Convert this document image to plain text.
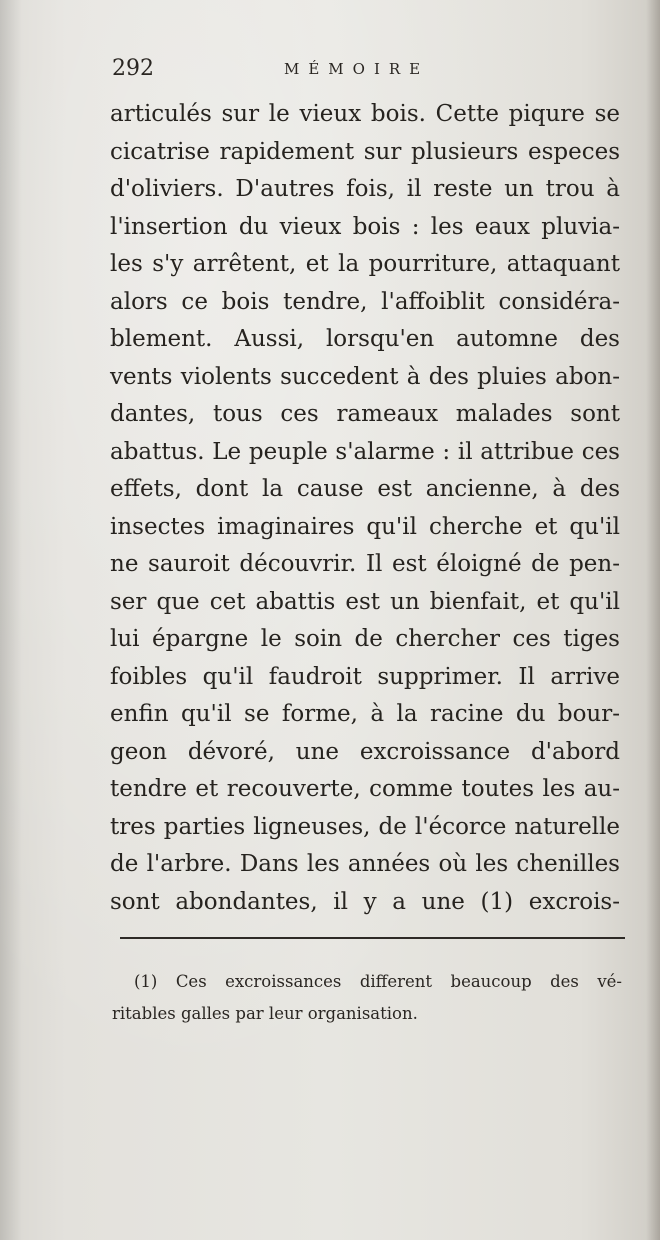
292	MÉMOIRE
articulés sur le vieux bois. Cette piqure se
cicatrise rapidement sur plusieurs especes
d'oliviers. D'autres fois, il reste un trou à
l'insertion du vieux bois : les eaux pluvia-
les s'y arrêtent, et la pourriture, attaquant
alors ce bois tendre, l'affoiblit considéra-
blement. Aussi, lorsqu'en automne des
vents violents succedent à des pluies abon-
dantes, tous ces rameaux malades sont
abattus. Le peuple s'alarme : il attribue ces
effets, dont la cause est ancienne, à des
insectes imaginaires qu'il cherche et qu'il
ne sauroit découvrir. Il est éloigné de pen-
ser que cet abattis est un bienfait, et qu'il
lui épargne le soin de chercher ces tiges
foibles qu'il faudroit supprimer. Il arrive
enfin qu'il se forme, à la racine du bour-
geon dévoré, une excroissance d'abord
tendre et recouverte, comme toutes les au-
tres parties ligneuses, de l'écorce naturelle
de l'arbre. Dans les années où les chenilles
sont abondantes, il y a une (1) excrois-
(1) Ces excroissances different beaucoup des vé-
ritables galles par leur organisation.
